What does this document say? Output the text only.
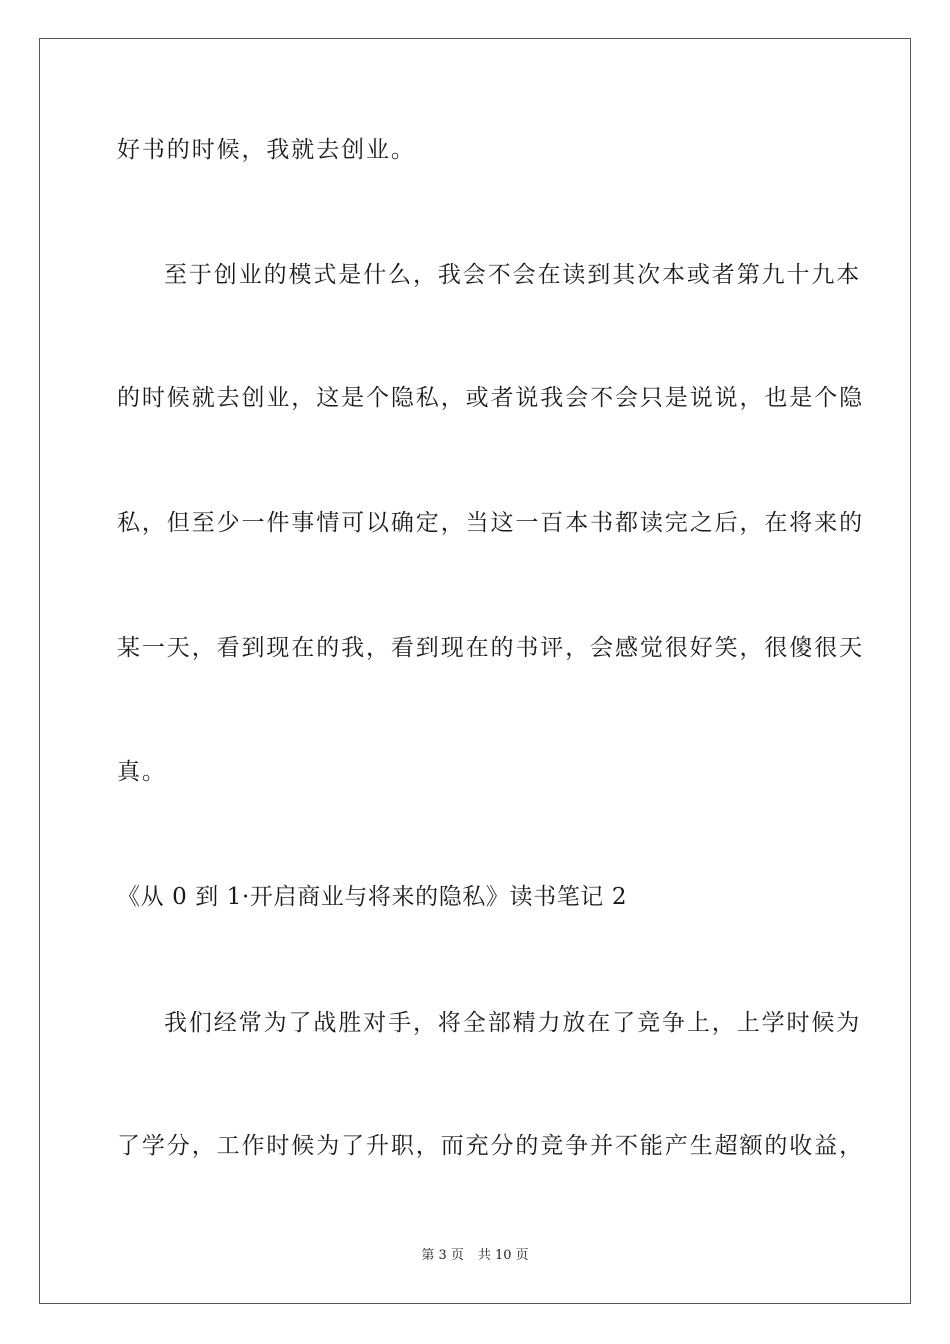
好书的时候，我就去创业。
至于创业的模式是什么，我会不会在读到其次本或者第九十九本
的时候就去创业，这是个隐私，或者说我会不会只是说说，也是个隐
私，但至少一件事情可以确定，当这一百本书都读完之后，在将来的
某一天，看到现在的我，看到现在的书评，会感觉很好笑，很傻很天
真。
《从 0 到 1·开启商业与将来的隐私》读书笔记 2
我们经常为了战胜对手，将全部精力放在了竞争上，上学时候为
了学分，工作时候为了升职，而充分的竞争并不能产生超额的收益，
第 3 页 共 10 页
